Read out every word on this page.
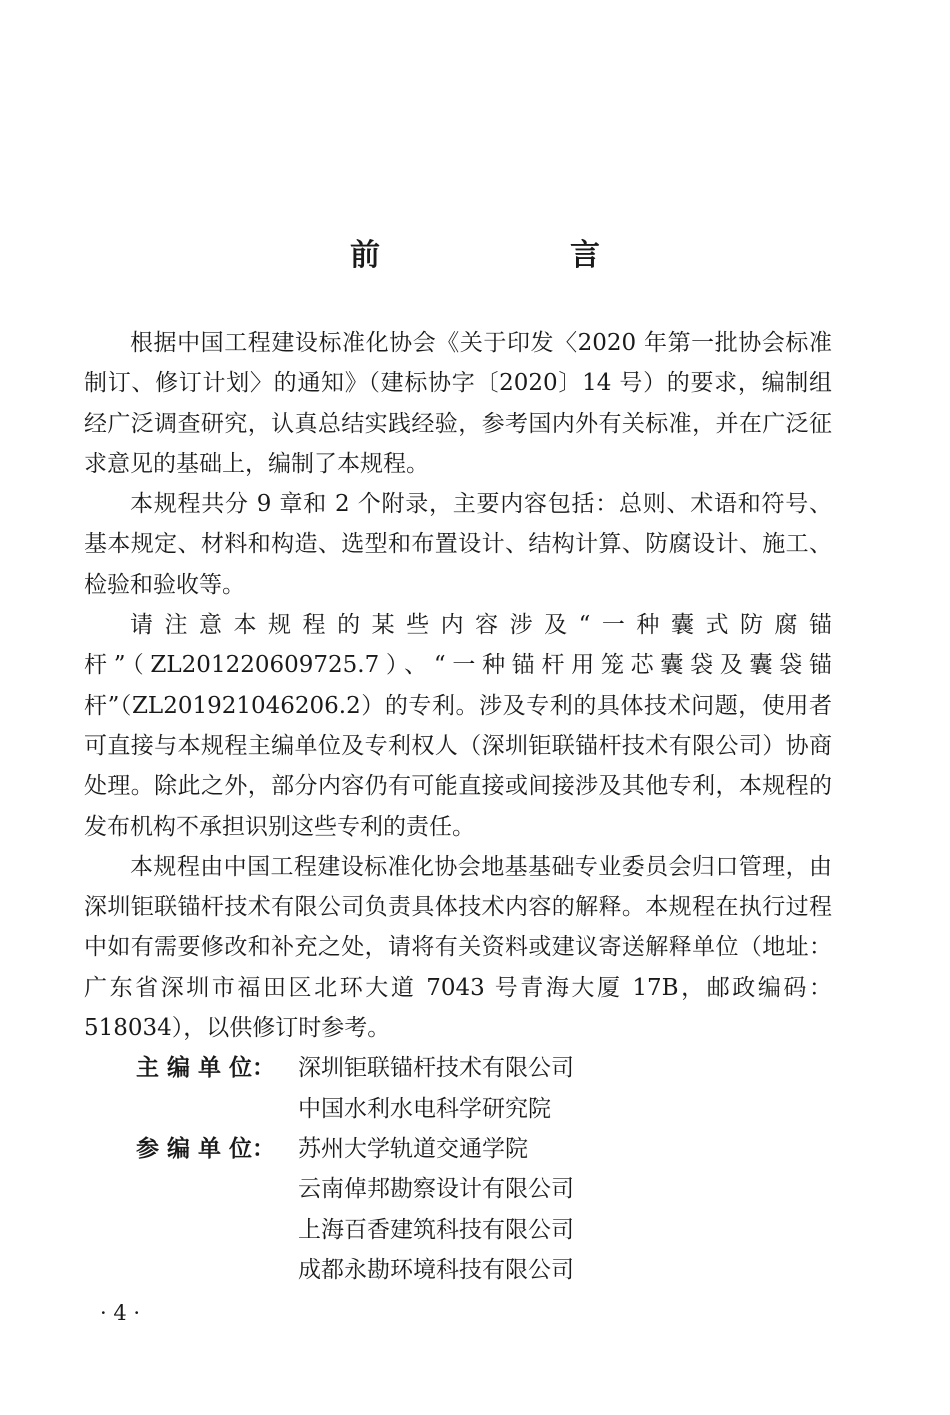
前　言

根据中国工程建设标准化协会《关于印发〈2020 年第一批协会标准制订、修订计划〉的通知》（建标协字〔2020〕14 号）的要求，编制组经广泛调查研究，认真总结实践经验，参考国内外有关标准，并在广泛征求意见的基础上，编制了本规程。

本规程共分 9 章和 2 个附录，主要内容包括：总则、术语和符号、基本规定、材料和构造、选型和布置设计、结构计算、防腐设计、施工、检验和验收等。

请注意本规程的某些内容涉及“一种囊式防腐锚杆”（ZL201220609725.7）、“一种锚杆用笼芯囊袋及囊袋锚杆”（ZL201921046206.2）的专利。涉及专利的具体技术问题，使用者可直接与本规程主编单位及专利权人（深圳钜联锚杆技术有限公司）协商处理。除此之外，部分内容仍有可能直接或间接涉及其他专利，本规程的发布机构不承担识别这些专利的责任。

本规程由中国工程建设标准化协会地基基础专业委员会归口管理，由深圳钜联锚杆技术有限公司负责具体技术内容的解释。本规程在执行过程中如有需要修改和补充之处，请将有关资料或建议寄送解释单位（地址：广东省深圳市福田区北环大道 7043 号青海大厦 17B，邮政编码：518034），以供修订时参考。

主 编 单 位： 深圳钜联锚杆技术有限公司
中国水利水电科学研究院
参 编 单 位： 苏州大学轨道交通学院
云南倬邦勘察设计有限公司
上海百香建筑科技有限公司
成都永勘环境科技有限公司
· 4 ·
